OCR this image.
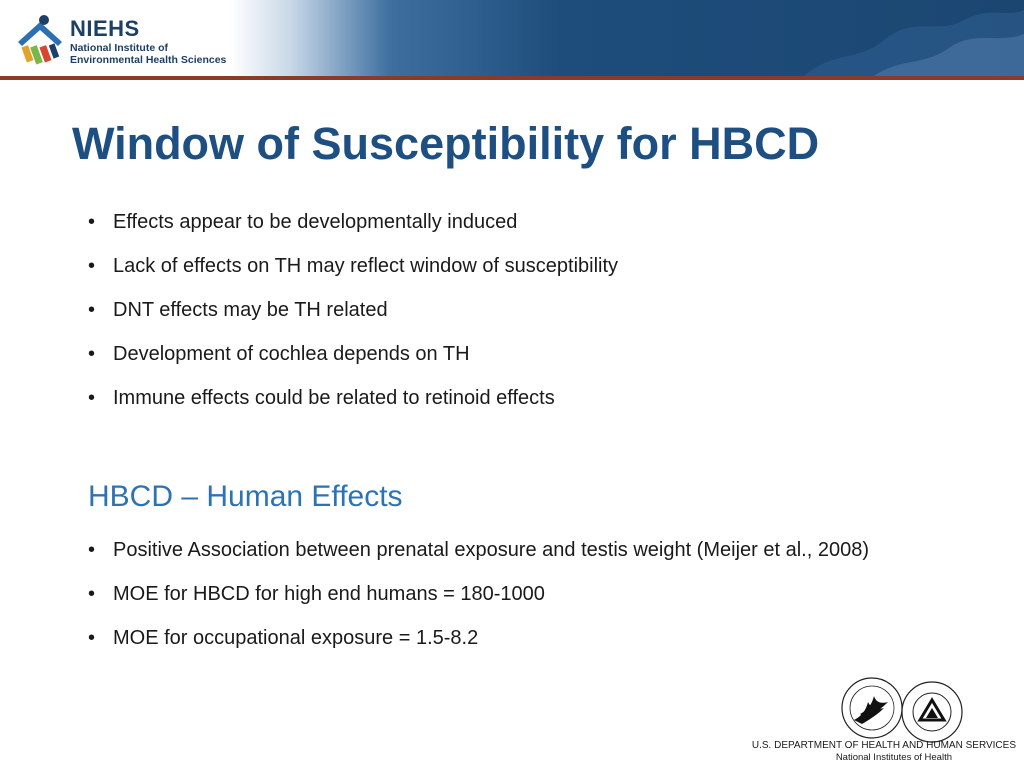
NIEHS
National Institute of Environmental Health Sciences
Window of Susceptibility for HBCD
• Effects appear to be developmentally induced
• Lack of effects on TH may reflect window of susceptibility
• DNT effects may be TH related
• Development of cochlea depends on TH
• Immune effects could be related to retinoid effects
HBCD – Human Effects
• Positive Association between prenatal exposure and testis weight (Meijer et al., 2008)
• MOE for HBCD for high end humans = 180-1000
• MOE for occupational exposure = 1.5-8.2
U.S. DEPARTMENT OF HEALTH AND HUMAN SERVICES
National Institutes of Health
